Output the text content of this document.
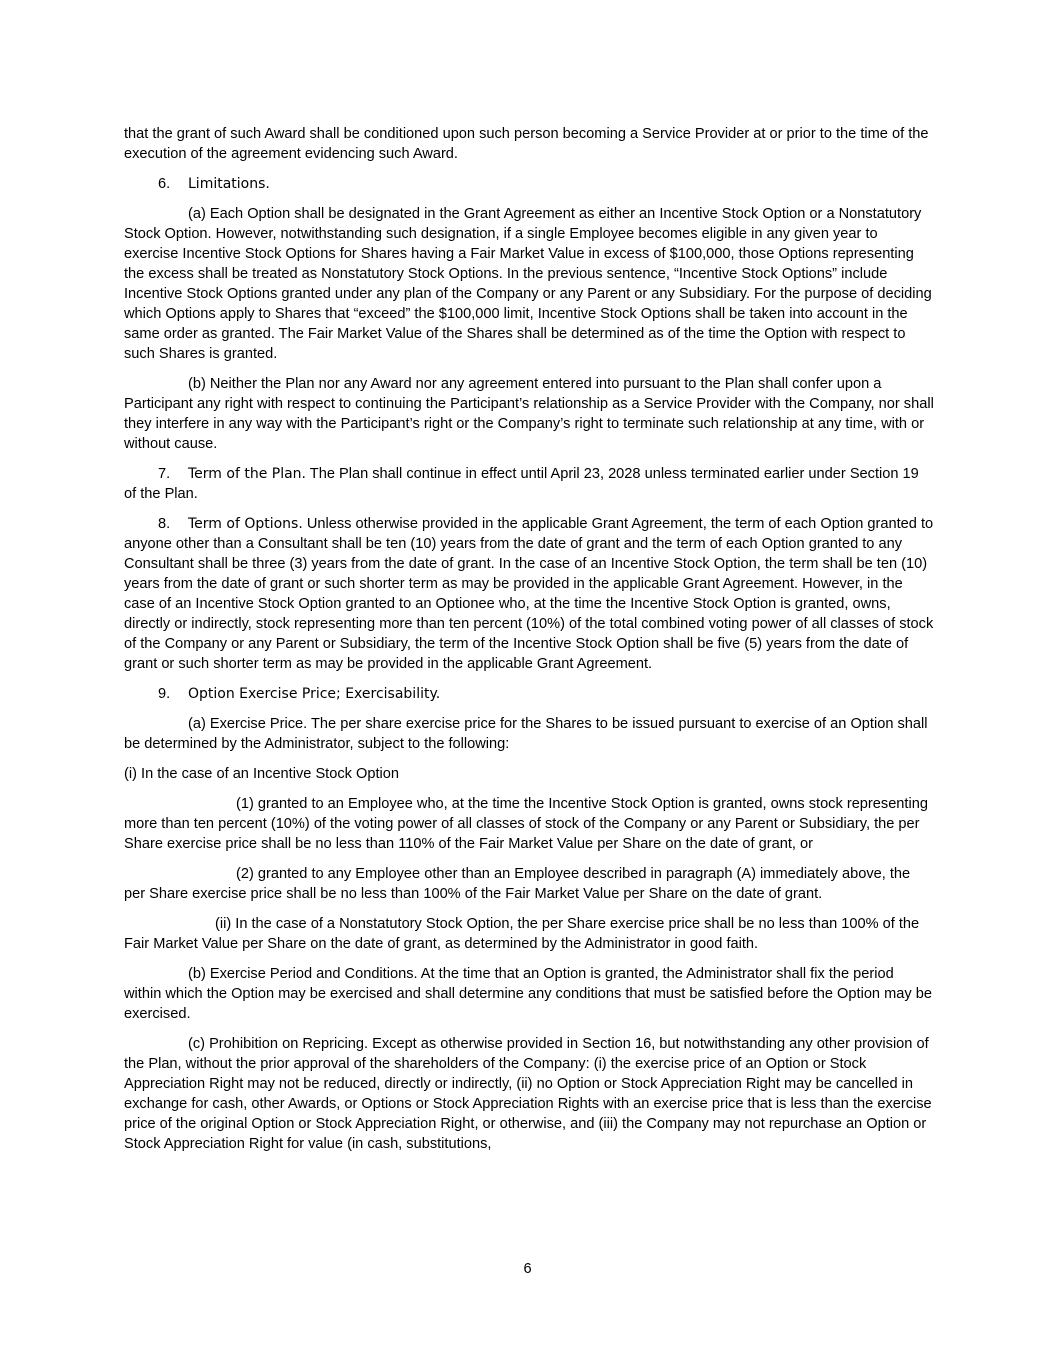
that the grant of such Award shall be conditioned upon such person becoming a Service Provider at or prior to the time of the execution of the agreement evidencing such Award.

6. Limitations.

(a) Each Option shall be designated in the Grant Agreement as either an Incentive Stock Option or a Nonstatutory Stock Option. However, notwithstanding such designation, if a single Employee becomes eligible in any given year to exercise Incentive Stock Options for Shares having a Fair Market Value in excess of $100,000, those Options representing the excess shall be treated as Nonstatutory Stock Options. In the previous sentence, “Incentive Stock Options” include Incentive Stock Options granted under any plan of the Company or any Parent or any Subsidiary. For the purpose of deciding which Options apply to Shares that “exceed” the $100,000 limit, Incentive Stock Options shall be taken into account in the same order as granted. The Fair Market Value of the Shares shall be determined as of the time the Option with respect to such Shares is granted.

(b) Neither the Plan nor any Award nor any agreement entered into pursuant to the Plan shall confer upon a Participant any right with respect to continuing the Participant’s relationship as a Service Provider with the Company, nor shall they interfere in any way with the Participant’s right or the Company’s right to terminate such relationship at any time, with or without cause.

7. Term of the Plan. The Plan shall continue in effect until April 23, 2028 unless terminated earlier under Section 19 of the Plan.

8. Term of Options. Unless otherwise provided in the applicable Grant Agreement, the term of each Option granted to anyone other than a Consultant shall be ten (10) years from the date of grant and the term of each Option granted to any Consultant shall be three (3) years from the date of grant. In the case of an Incentive Stock Option, the term shall be ten (10) years from the date of grant or such shorter term as may be provided in the applicable Grant Agreement. However, in the case of an Incentive Stock Option granted to an Optionee who, at the time the Incentive Stock Option is granted, owns, directly or indirectly, stock representing more than ten percent (10%) of the total combined voting power of all classes of stock of the Company or any Parent or Subsidiary, the term of the Incentive Stock Option shall be five (5) years from the date of grant or such shorter term as may be provided in the applicable Grant Agreement.

9. Option Exercise Price; Exercisability.

(a) Exercise Price. The per share exercise price for the Shares to be issued pursuant to exercise of an Option shall be determined by the Administrator, subject to the following:

(i) In the case of an Incentive Stock Option

(1) granted to an Employee who, at the time the Incentive Stock Option is granted, owns stock representing more than ten percent (10%) of the voting power of all classes of stock of the Company or any Parent or Subsidiary, the per Share exercise price shall be no less than 110% of the Fair Market Value per Share on the date of grant, or

(2) granted to any Employee other than an Employee described in paragraph (A) immediately above, the per Share exercise price shall be no less than 100% of the Fair Market Value per Share on the date of grant.

(ii) In the case of a Nonstatutory Stock Option, the per Share exercise price shall be no less than 100% of the Fair Market Value per Share on the date of grant, as determined by the Administrator in good faith.

(b) Exercise Period and Conditions. At the time that an Option is granted, the Administrator shall fix the period within which the Option may be exercised and shall determine any conditions that must be satisfied before the Option may be exercised.

(c) Prohibition on Repricing. Except as otherwise provided in Section 16, but notwithstanding any other provision of the Plan, without the prior approval of the shareholders of the Company: (i) the exercise price of an Option or Stock Appreciation Right may not be reduced, directly or indirectly, (ii) no Option or Stock Appreciation Right may be cancelled in exchange for cash, other Awards, or Options or Stock Appreciation Rights with an exercise price that is less than the exercise price of the original Option or Stock Appreciation Right, or otherwise, and (iii) the Company may not repurchase an Option or Stock Appreciation Right for value (in cash, substitutions,

6
